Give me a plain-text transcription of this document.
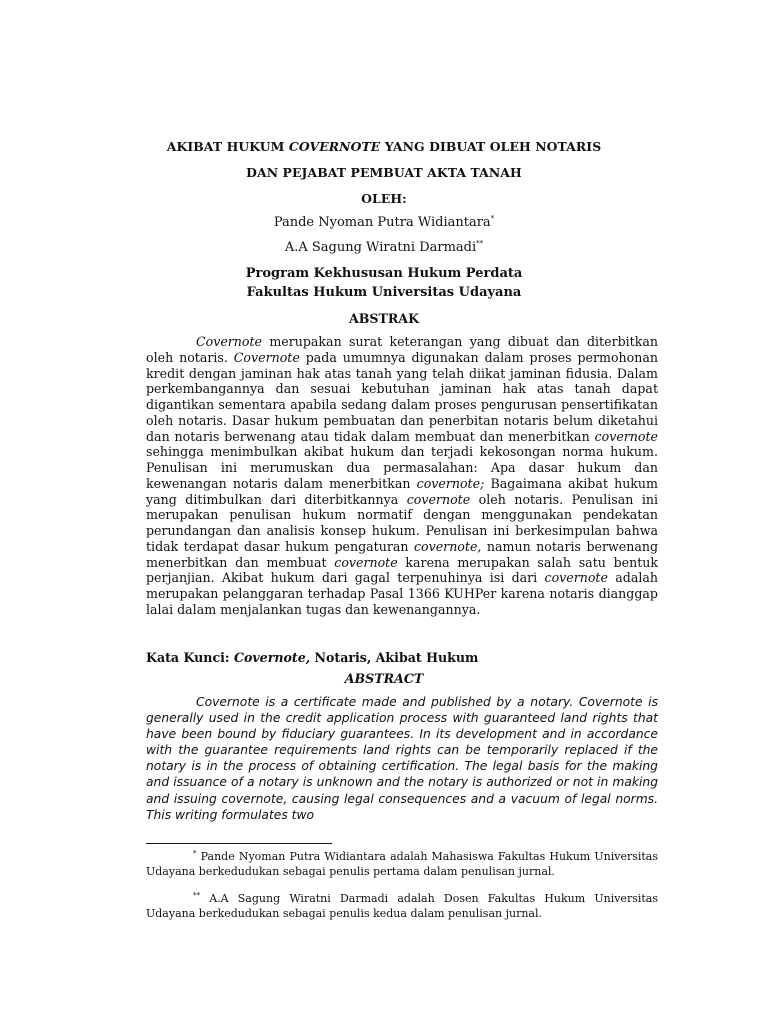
AKIBAT HUKUM COVERNOTE YANG DIBUAT OLEH NOTARIS
DAN PEJABAT PEMBUAT AKTA TANAH
OLEH:
Pande Nyoman Putra Widiantara*
A.A Sagung Wiratni Darmadi**
Program Kekhususan Hukum Perdata
Fakultas Hukum Universitas Udayana
ABSTRAK

Covernote merupakan surat keterangan yang dibuat dan diterbitkan oleh notaris. Covernote pada umumnya digunakan dalam proses permohonan kredit dengan jaminan hak atas tanah yang telah diikat jaminan fidusia. Dalam perkembangannya dan sesuai kebutuhan jaminan hak atas tanah dapat digantikan sementara apabila sedang dalam proses pengurusan pensertifikatan oleh notaris. Dasar hukum pembuatan dan penerbitan notaris belum diketahui dan notaris berwenang atau tidak dalam membuat dan menerbitkan covernote sehingga menimbulkan akibat hukum dan terjadi kekosongan norma hukum. Penulisan ini merumuskan dua permasalahan: Apa dasar hukum dan kewenangan notaris dalam menerbitkan covernote; Bagaimana akibat hukum yang ditimbulkan dari diterbitkannya covernote oleh notaris. Penulisan ini merupakan penulisan hukum normatif dengan menggunakan pendekatan perundangan dan analisis konsep hukum. Penulisan ini berkesimpulan bahwa tidak terdapat dasar hukum pengaturan covernote, namun notaris berwenang menerbitkan dan membuat covernote karena merupakan salah satu bentuk perjanjian. Akibat hukum dari gagal terpenuhinya isi dari covernote adalah merupakan pelanggaran terhadap Pasal 1366 KUHPer karena notaris dianggap lalai dalam menjalankan tugas dan kewenangannya.

Kata Kunci: Covernote, Notaris, Akibat Hukum
ABSTRACT

Covernote is a certificate made and published by a notary. Covernote is generally used in the credit application process with guaranteed land rights that have been bound by fiduciary guarantees. In its development and in accordance with the guarantee requirements land rights can be temporarily replaced if the notary is in the process of obtaining certification. The legal basis for the making and issuance of a notary is unknown and the notary is authorized or not in making and issuing covernote, causing legal consequences and a vacuum of legal norms. This writing formulates two

* Pande Nyoman Putra Widiantara adalah Mahasiswa Fakultas Hukum Universitas Udayana berkedudukan sebagai penulis pertama dalam penulisan jurnal.

** A.A Sagung Wiratni Darmadi adalah Dosen Fakultas Hukum Universitas Udayana berkedudukan sebagai penulis kedua dalam penulisan jurnal.
